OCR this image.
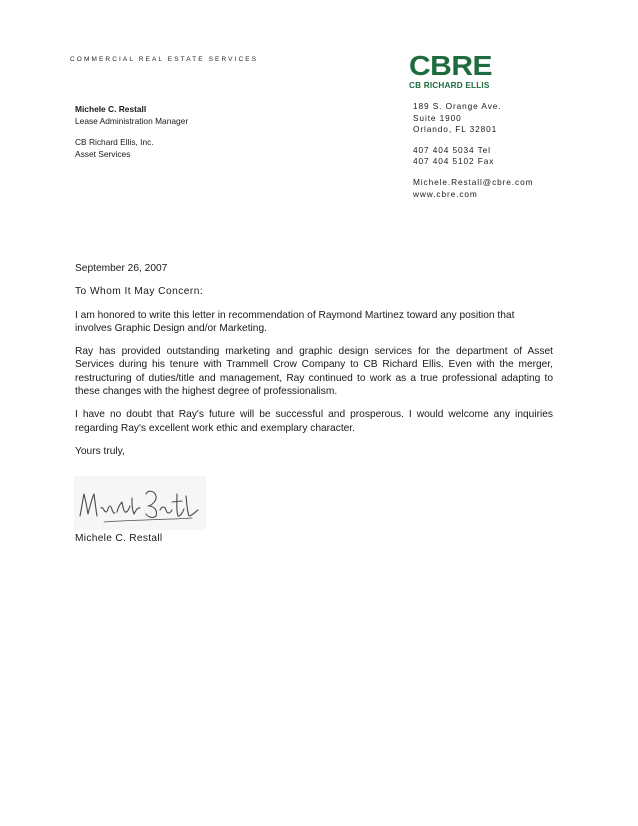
COMMERCIAL REAL ESTATE SERVICES	CBRE
CB RICHARD ELLIS
Michele C. Restall
Lease Administration Manager
CB Richard Ellis, Inc.
Asset Services
189 S. Orange Ave.
Suite 1900
Orlando, FL 32801
407 404 5034 Tel
407 404 5102 Fax
Michele.Restall@cbre.com
www.cbre.com

September 26, 2007

To Whom It May Concern:

I am honored to write this letter in recommendation of Raymond Martinez toward any position that involves Graphic Design and/or Marketing.

Ray has provided outstanding marketing and graphic design services for the department of Asset Services during his tenure with Trammell Crow Company to CB Richard Ellis. Even with the merger, restructuring of duties/title and management, Ray continued to work as a true professional adapting to these changes with the highest degree of professionalism.

I have no doubt that Ray's future will be successful and prosperous. I would welcome any inquiries regarding Ray's excellent work ethic and exemplary character.

Yours truly,

Michele C. Restall
